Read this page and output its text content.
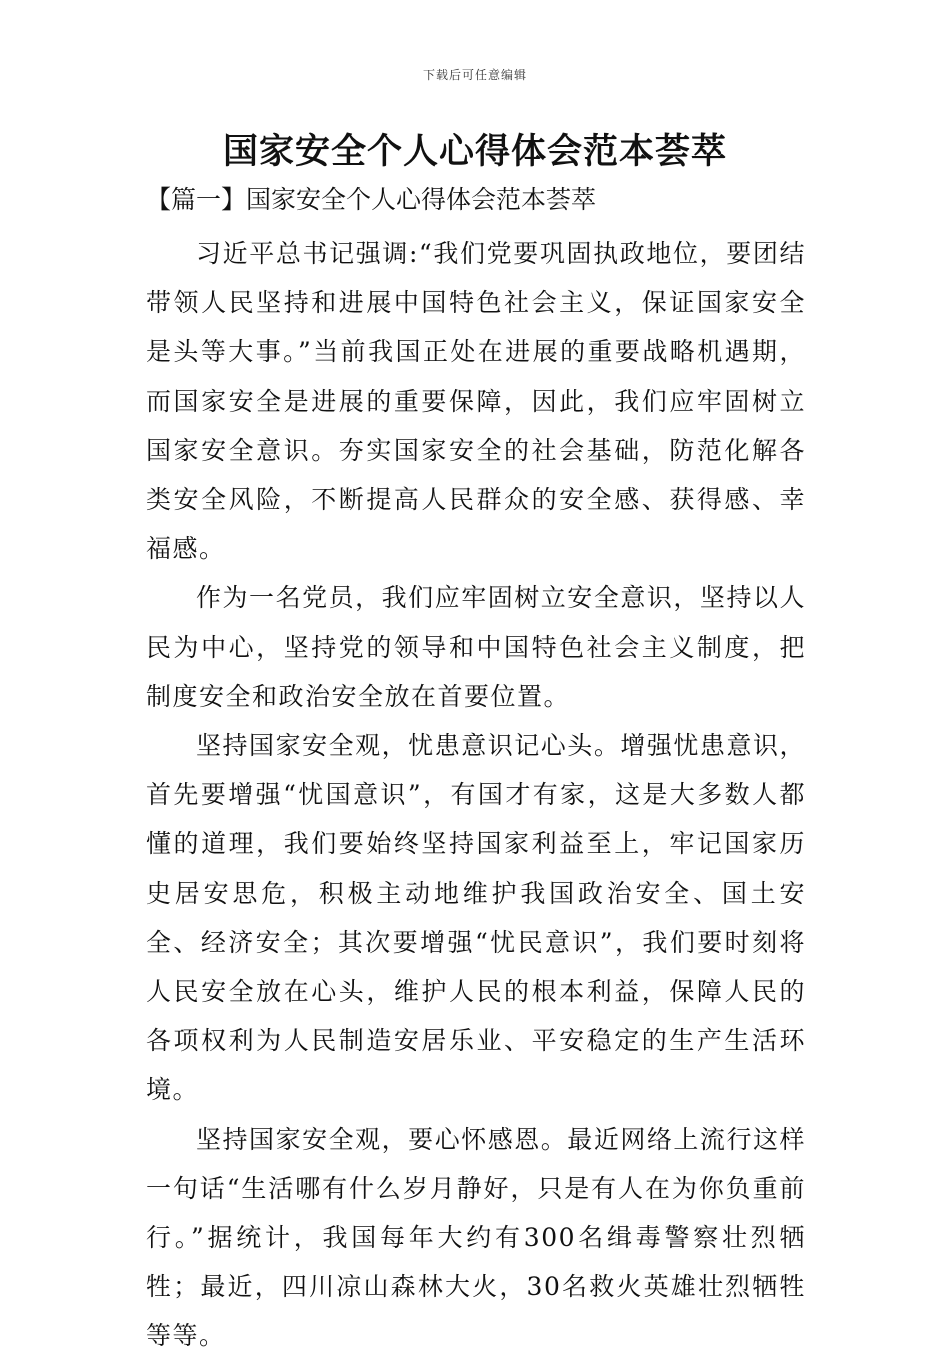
下载后可任意编辑
国家安全个人心得体会范本荟萃
【篇一】国家安全个人心得体会范本荟萃

习近平总书记强调:“我们党要巩固执政地位，要团结带领人民坚持和进展中国特色社会主义，保证国家安全是头等大事。”当前我国正处在进展的重要战略机遇期，而国家安全是进展的重要保障，因此，我们应牢固树立国家安全意识。夯实国家安全的社会基础，防范化解各类安全风险，不断提高人民群众的安全感、获得感、幸福感。

作为一名党员，我们应牢固树立安全意识，坚持以人民为中心，坚持党的领导和中国特色社会主义制度，把制度安全和政治安全放在首要位置。

坚持国家安全观，忧患意识记心头。增强忧患意识，首先要增强“忧国意识”，有国才有家，这是大多数人都懂的道理，我们要始终坚持国家利益至上，牢记国家历史居安思危，积极主动地维护我国政治安全、国土安全、经济安全；其次要增强“忧民意识”，我们要时刻将人民安全放在心头，维护人民的根本利益，保障人民的各项权利为人民制造安居乐业、平安稳定的生产生活环境。

坚持国家安全观，要心怀感恩。最近网络上流行这样一句话“生活哪有什么岁月静好，只是有人在为你负重前行。”据统计，我国每年大约有300名缉毒警察壮烈牺牲；最近，四川凉山森林大火，30名救火英雄壮烈牺牲等等。
